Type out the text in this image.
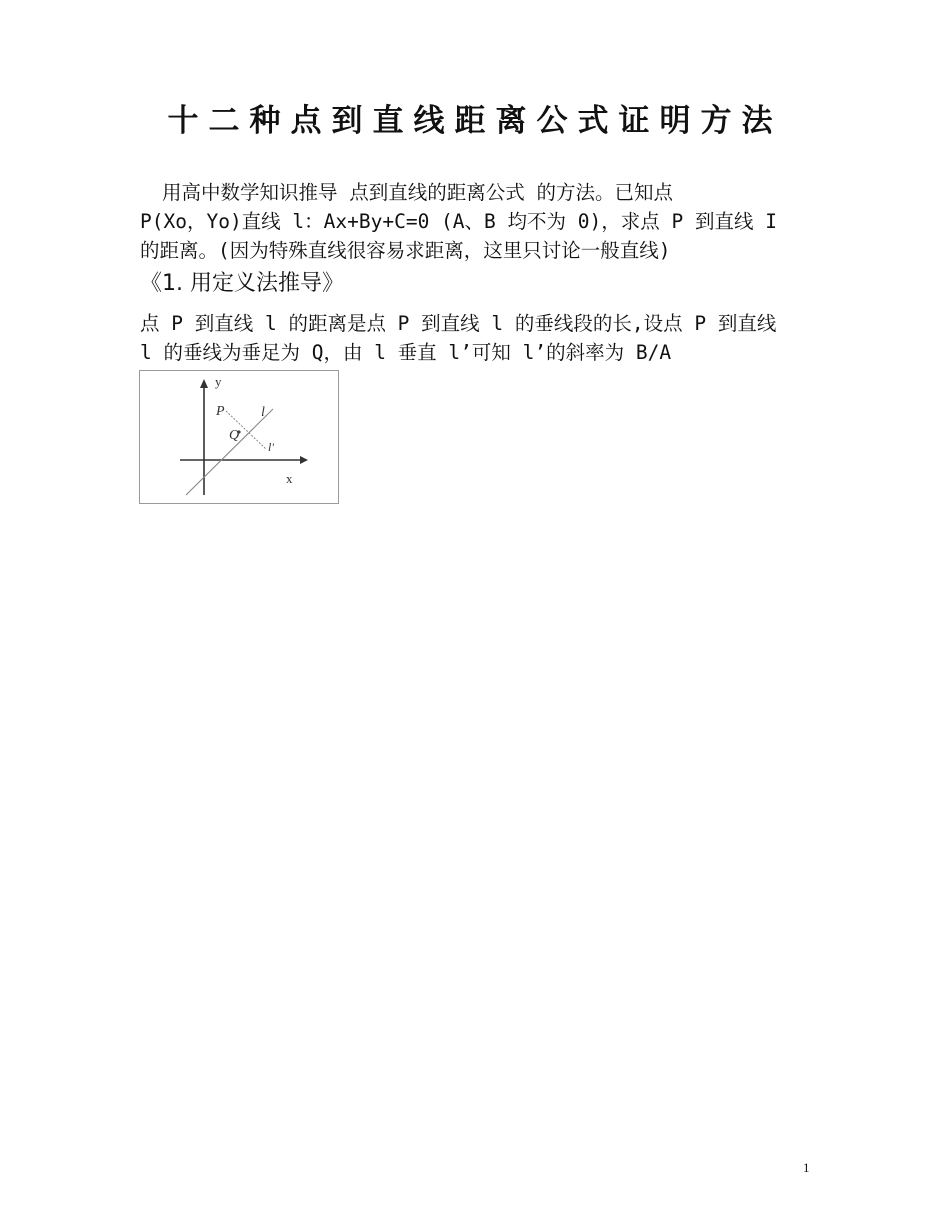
十二种点到直线距离公式证明方法

用高中数学知识推导 点到直线的距离公式 的方法。已知点
P(Xo，Yo)直线 l：Ax+By+C=0 (A、B 均不为 0)，求点 P 到直线 I
的距离。(因为特殊直线很容易求距离，这里只讨论一般直线)

《1. 用定义法推导》

点 P 到直线 l 的距离是点 P 到直线 l 的垂线段的长,设点 P 到直线
l 的垂线为垂足为 Q，由 l 垂直 l’可知 l’的斜率为 B/A

y
x
P
Q
l
l'
1
